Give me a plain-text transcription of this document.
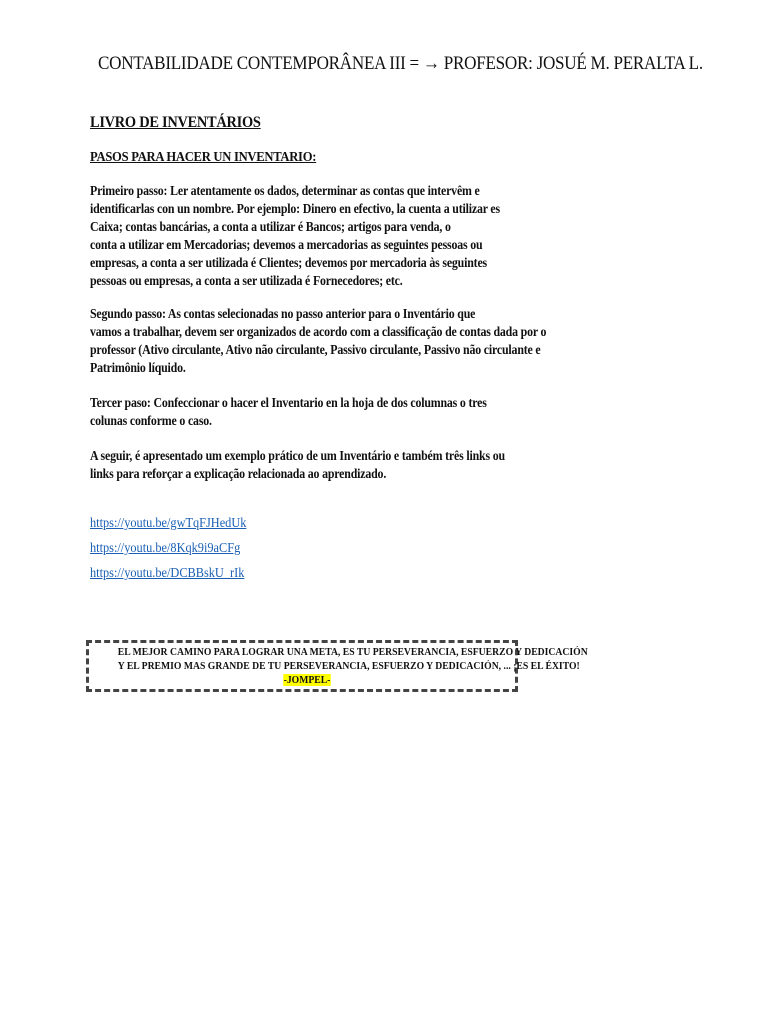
CONTABILIDADE CONTEMPORÂNEA III = → PROFESOR: JOSUÉ M. PERALTA L.
LIVRO DE INVENTÁRIOS
PASOS PARA HACER UN INVENTARIO:
Primeiro passo: Ler atentamente os dados, determinar as contas que intervêm e
identificarlas con un nombre. Por ejemplo: Dinero en efectivo, la cuenta a utilizar es
Caixa; contas bancárias, a conta a utilizar é Bancos; artigos para venda, o
conta a utilizar em Mercadorias; devemos a mercadorias as seguintes pessoas ou
empresas, a conta a ser utilizada é Clientes; devemos por mercadoria às seguintes
pessoas ou empresas, a conta a ser utilizada é Fornecedores; etc.
Segundo passo: As contas selecionadas no passo anterior para o Inventário que
vamos a trabalhar, devem ser organizados de acordo com a classificação de contas dada por o
professor (Ativo circulante, Ativo não circulante, Passivo circulante, Passivo não circulante e
Patrimônio líquido.
Tercer paso: Confeccionar o hacer el Inventario en la hoja de dos columnas o tres
colunas conforme o caso.
A seguir, é apresentado um exemplo prático de um Inventário e também três links ou
links para reforçar a explicação relacionada ao aprendizado.
https://youtu.be/gwTqFJHedUk
https://youtu.be/8Kqk9i9aCFg
https://youtu.be/DCBBskU_rIk
EL MEJOR CAMINO PARA LOGRAR UNA META, ES TU PERSEVERANCIA, ESFUERZO Y DEDICACIÓN
Y EL PREMIO MAS GRANDE DE TU PERSEVERANCIA, ESFUERZO Y DEDICACIÓN, ... ¡ES EL ÉXITO!
-JOMPEL-
